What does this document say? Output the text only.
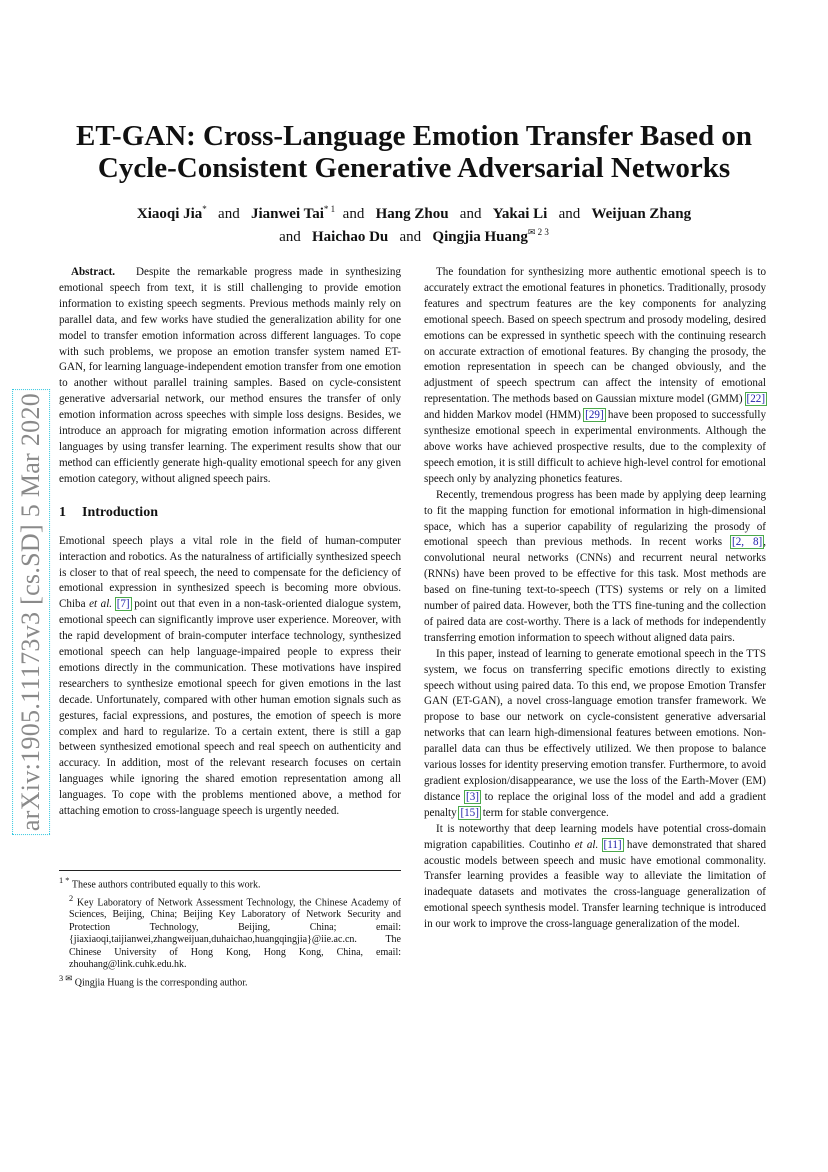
arXiv:1905.11173v3 [cs.SD] 5 Mar 2020
ET-GAN: Cross-Language Emotion Transfer Based on
Cycle-Consistent Generative Adversarial Networks
Xiaoqi Jia* and Jianwei Tai$^{* 1}$ and Hang Zhou and Yakai Li and Weijuan Zhang
and Haichao Du and Qingjia Huang$^{✉ 2 3}$

Abstract. Despite the remarkable progress made in synthesizing emotional speech from text, it is still challenging to provide emotion information to existing speech segments. Previous methods mainly rely on parallel data, and few works have studied the generalization ability for one model to transfer emotion information across different languages. To cope with such problems, we propose an emotion transfer system named ET-GAN, for learning language-independent emotion transfer from one emotion to another without parallel training samples. Based on cycle-consistent generative adversarial network, our method ensures the transfer of only emotion information across speeches with simple loss designs. Besides, we introduce an approach for migrating emotion information across different languages by using transfer learning. The experiment results show that our method can efficiently generate high-quality emotional speech for any given emotion category, without aligned speech pairs.

1 Introduction

Emotional speech plays a vital role in the field of human-computer interaction and robotics. As the naturalness of artificially synthesized speech is closer to that of real speech, the need to compensate for the deficiency of emotional expression in synthesized speech is becoming more obvious. Chiba et al. [7] point out that even in a non-task-oriented dialogue system, emotional speech can significantly improve user experience. Moreover, with the rapid development of brain-computer interface technology, synthesized emotional speech can help language-impaired people to express their emotions directly in the communication. These motivations have inspired researchers to synthesize emotional speech for given emotions in the last decade. Unfortunately, compared with other human emotion signals such as gestures, facial expressions, and postures, the emotion of speech is more complex and hard to regularize. To a certain extent, there is still a gap between synthesized emotional speech and real speech on authenticity and accuracy. In addition, most of the relevant research focuses on certain languages while ignoring the shared emotion representation among all languages. To cope with the problems mentioned above, a method for attaching emotion to cross-language speech is urgently needed.

$^{1 *}$ These authors contributed equally to this work.
$^2$ Key Laboratory of Network Assessment Technology, the Chinese Academy of Sciences, Beijing, China; Beijing Key Laboratory of Network Security and Protection Technology, Beijing, China; email: {jiaxiaoqi,taijianwei,zhangweijuan,duhaichao,huangqingjia}@iie.ac.cn. The Chinese University of Hong Kong, Hong Kong, China, email: zhouhang@link.cuhk.edu.hk.
$^{3 ✉}$ Qingjia Huang is the corresponding author.

The foundation for synthesizing more authentic emotional speech is to accurately extract the emotional features in phonetics. Traditionally, prosody features and spectrum features are the key components for analyzing emotional speech. Based on speech spectrum and prosody modeling, desired emotions can be expressed in synthetic speech with the continuing research on accurate extraction of emotional features. By changing the prosody, the emotion representation in speech can be changed obviously, and the adjustment of speech spectrum can affect the intensity of emotional representation. The methods based on Gaussian mixture model (GMM) [22] and hidden Markov model (HMM) [29] have been proposed to successfully synthesize emotional speech in experimental environments. Although the above works have achieved prospective results, due to the complexity of speech emotion, it is still difficult to achieve high-level control for emotional speech only by analyzing phonetics features.

Recently, tremendous progress has been made by applying deep learning to fit the mapping function for emotional information in high-dimensional space, which has a superior capability of regularizing the prosody of emotional speech than previous methods. In recent works [2, 8], convolutional neural networks (CNNs) and recurrent neural networks (RNNs) have been proved to be effective for this task. Most methods are based on fine-tuning text-to-speech (TTS) systems or rely on a limited number of paired data. However, both the TTS fine-tuning and the collection of paired data are cost-worthy. There is a lack of methods for independently transferring emotion information to speech without aligned data pairs.

In this paper, instead of learning to generate emotional speech in the TTS system, we focus on transferring specific emotions directly to existing speech without using paired data. To this end, we propose Emotion Transfer GAN (ET-GAN), a novel cross-language emotion transfer framework. We propose to base our network on cycle-consistent generative adversarial networks that can learn high-dimensional features between emotions. Non-parallel data can thus be effectively utilized. We then propose to balance various losses for identity preserving emotion transfer. Furthermore, to avoid gradient explosion/disappearance, we use the loss of the Earth-Mover (EM) distance [3] to replace the original loss of the model and add a gradient penalty [15] term for stable convergence.

It is noteworthy that deep learning models have potential cross-domain migration capabilities. Coutinho et al. [11] have demonstrated that shared acoustic models between speech and music have emotional commonality. Transfer learning provides a feasible way to alleviate the limitation of inadequate datasets and motivates the cross-language generalization of emotional speech synthesis model. Transfer learning technique is introduced in our work to improve the cross-language generalization of the model.
